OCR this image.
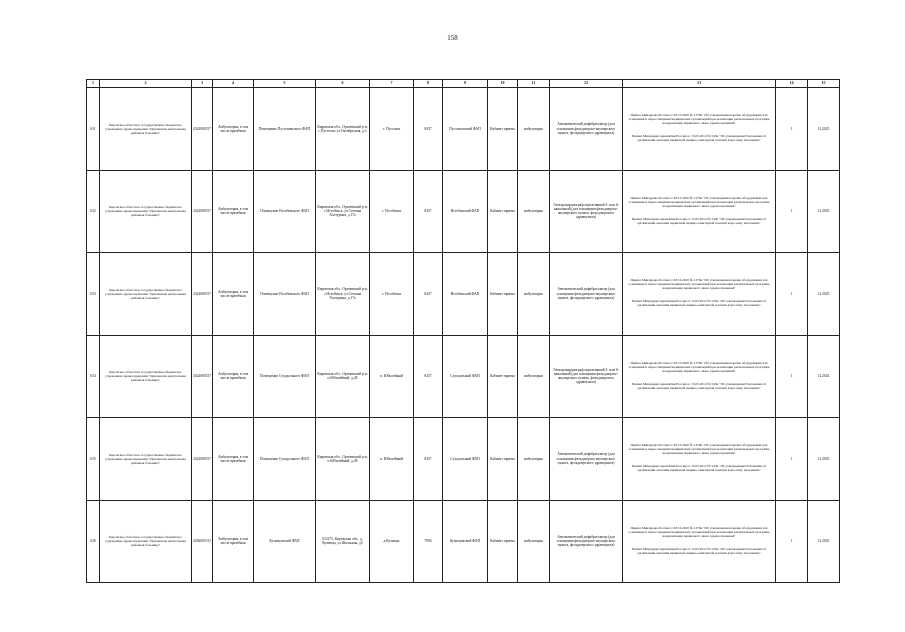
158
1	2	3	4	5	6	7	8	9	10	11	12	13	14	15
631	Кировское областное государственное бюджетное учреждение здравоохранения "Оричевская центральная районная больница"	4324000537	Амбулатория, в том числе врачебная	Помещение Пустошенского ФАП	Кировская обл., Оричевский р-н, с.Пустоши, ул.Октябрьская, д.3	с. Пустоши	8437	Пустошенский ФАП	Кабинет приема	амбулаторно	Автоматический дефибриллятор (для оснащения фельдшерско-акушерского пункта, фельдшерского здравпункта)	Приказ Минздрава России от 28.12.2020 № 1379н "Об утверждении перечня оборудования для оснащения и переоснащения медицинских организаций при реализации региональных программ модернизации первичного звена здравоохранения"
Приказ Минздравсоцразвития России от 15.05.2012 № 543н "Об утверждении Положения об организации оказания первичной медико-санитарной помощи взрослому населению"	1	12.2025
632	Кировское областное государственное бюджетное учреждение здравоохранения "Оричевская центральная районная больница"	4324000537	Амбулатория, в том числе врачебная	Помещение Истобенского ФАП	Кировская обл., Оричевский р-н, с.Истобенск, ул.Степана Халтурина, д.17а	с. Истобенск	8437	Истобенский ФАП	Кабинет приема	амбулаторно	Электрокардиограф портативный 3- или 6-канальный (для оснащения фельдшерско-акушерского пункта, фельдшерского здравпункта)	Приказ Минздрава России от 28.12.2020 № 1379н "Об утверждении перечня оборудования для оснащения и переоснащения медицинских организаций при реализации региональных программ модернизации первичного звена здравоохранения"
Приказ Минздравсоцразвития России от 15.05.2012 № 543н "Об утверждении Положения об организации оказания первичной медико-санитарной помощи взрослому населению"	1	12.2025
633	Кировское областное государственное бюджетное учреждение здравоохранения "Оричевская центральная районная больница"	4324000537	Амбулатория, в том числе врачебная	Помещение Истобенского ФАП	Кировская обл., Оричевский р-н, с.Истобенск, ул.Степана Халтурина, д.17а	с. Истобенск	8437	Истобенский ФАП	Кабинет приема	амбулаторно	Автоматический дефибриллятор (для оснащения фельдшерско-акушерского пункта, фельдшерского здравпункта)	Приказ Минздрава России от 28.12.2020 № 1379н "Об утверждении перечня оборудования для оснащения и переоснащения медицинских организаций при реализации региональных программ модернизации первичного звена здравоохранения"
Приказ Минздравсоцразвития России от 15.05.2012 № 543н "Об утверждении Положения об организации оказания первичной медико-санитарной помощи взрослому населению"	1	12.2025
634	Кировское областное государственное бюджетное учреждение здравоохранения "Оричевская центральная районная больница"	4324000537	Амбулатория, в том числе врачебная	Помещение Суходольного ФАП	Кировская обл., Оричевский р-н, п.Юбилейный, д.28	п. Юбилейный	8437	Суходольный ФАП	Кабинет приема	амбулаторно	Электрокардиограф портативный 3- или 6-канальный (для оснащения фельдшерско-акушерского пункта, фельдшерского здравпункта)	Приказ Минздрава России от 28.12.2020 № 1379н "Об утверждении перечня оборудования для оснащения и переоснащения медицинских организаций при реализации региональных программ модернизации первичного звена здравоохранения"
Приказ Минздравсоцразвития России от 15.05.2012 № 543н "Об утверждении Положения об организации оказания первичной медико-санитарной помощи взрослому населению"	1	12.2024
635	Кировское областное государственное бюджетное учреждение здравоохранения "Оричевская центральная районная больница"	4324000537	Амбулатория, в том числе врачебная	Помещение Суходольного ФАП	Кировская обл., Оричевский р-н, п.Юбилейный, д.28	п. Юбилейный	8437	Суходольный ФАП	Кабинет приема	амбулаторно	Автоматический дефибриллятор (для оснащения фельдшерско-акушерского пункта, фельдшерского здравпункта)	Приказ Минздрава России от 28.12.2020 № 1379н "Об утверждении перечня оборудования для оснащения и переоснащения медицинских организаций при реализации региональных программ модернизации первичного звена здравоохранения"
Приказ Минздравсоцразвития России от 15.05.2012 № 543н "Об утверждении Положения об организации оказания первичной медико-санитарной помощи взрослому населению"	1	12.2025
636	Кировское областное государственное бюджетное учреждение здравоохранения "Оричевская центральная районная больница"	4336001013	Амбулатория, в том числе врачебная	Кузнецовский ФАП	612273, Кировская обл., д. Кузнецы, ул.Школьная, д3	д.Кузнецы	7094	Кузнецовский ФАП	Кабинет приема	амбулаторно	Автоматический дефибриллятор (для оснащения фельдшерско-акушерского пункта, фельдшерского здравпункта)	Приказ Минздрава России от 28.12.2020 № 1379н "Об утверждении перечня оборудования для оснащения и переоснащения медицинских организаций при реализации региональных программ модернизации первичного звена здравоохранения"
Приказ Минздравсоцразвития России от 15.05.2012 № 543н "Об утверждении Положения об организации оказания первичной медико-санитарной помощи взрослому населению"	1	12.2025
